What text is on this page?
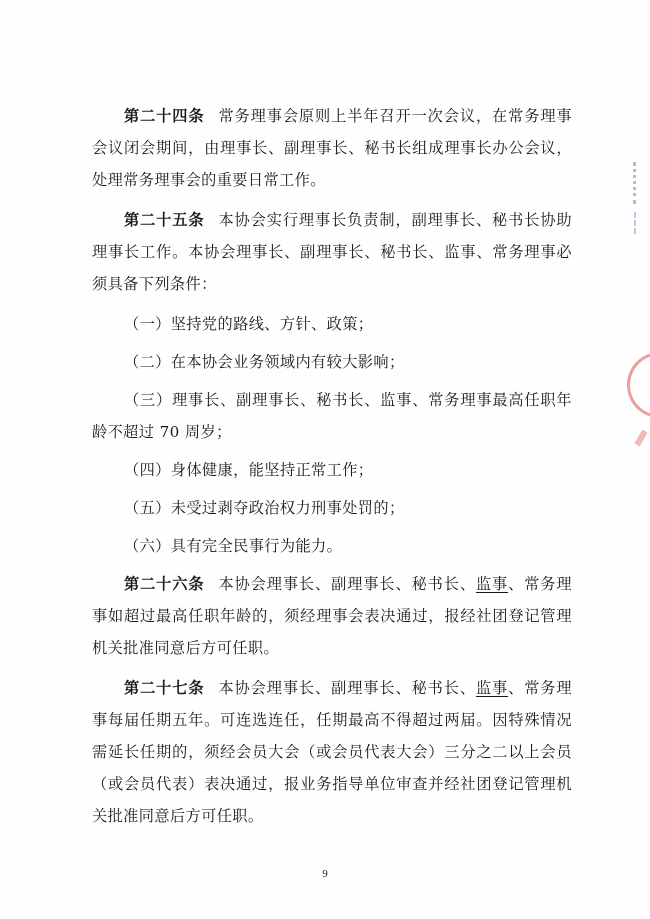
第二十四条 常务理事会原则上半年召开一次会议，在常务理事会议闭会期间，由理事长、副理事长、秘书长组成理事长办公会议，处理常务理事会的重要日常工作。

第二十五条 本协会实行理事长负责制，副理事长、秘书长协助理事长工作。本协会理事长、副理事长、秘书长、监事、常务理事必须具备下列条件：

（一）坚持党的路线、方针、政策；

（二）在本协会业务领域内有较大影响；

（三）理事长、副理事长、秘书长、监事、常务理事最高任职年龄不超过 70 周岁；

（四）身体健康，能坚持正常工作；

（五）未受过剥夺政治权力刑事处罚的；

（六）具有完全民事行为能力。

第二十六条 本协会理事长、副理事长、秘书长、监事、常务理事如超过最高任职年龄的，须经理事会表决通过，报经社团登记管理机关批准同意后方可任职。

第二十七条 本协会理事长、副理事长、秘书长、监事、常务理事每届任期五年。可连选连任，任期最高不得超过两届。因特殊情况需延长任期的，须经会员大会（或会员代表大会）三分之二以上会员（或会员代表）表决通过，报业务指导单位审查并经社团登记管理机关批准同意后方可任职。

9
